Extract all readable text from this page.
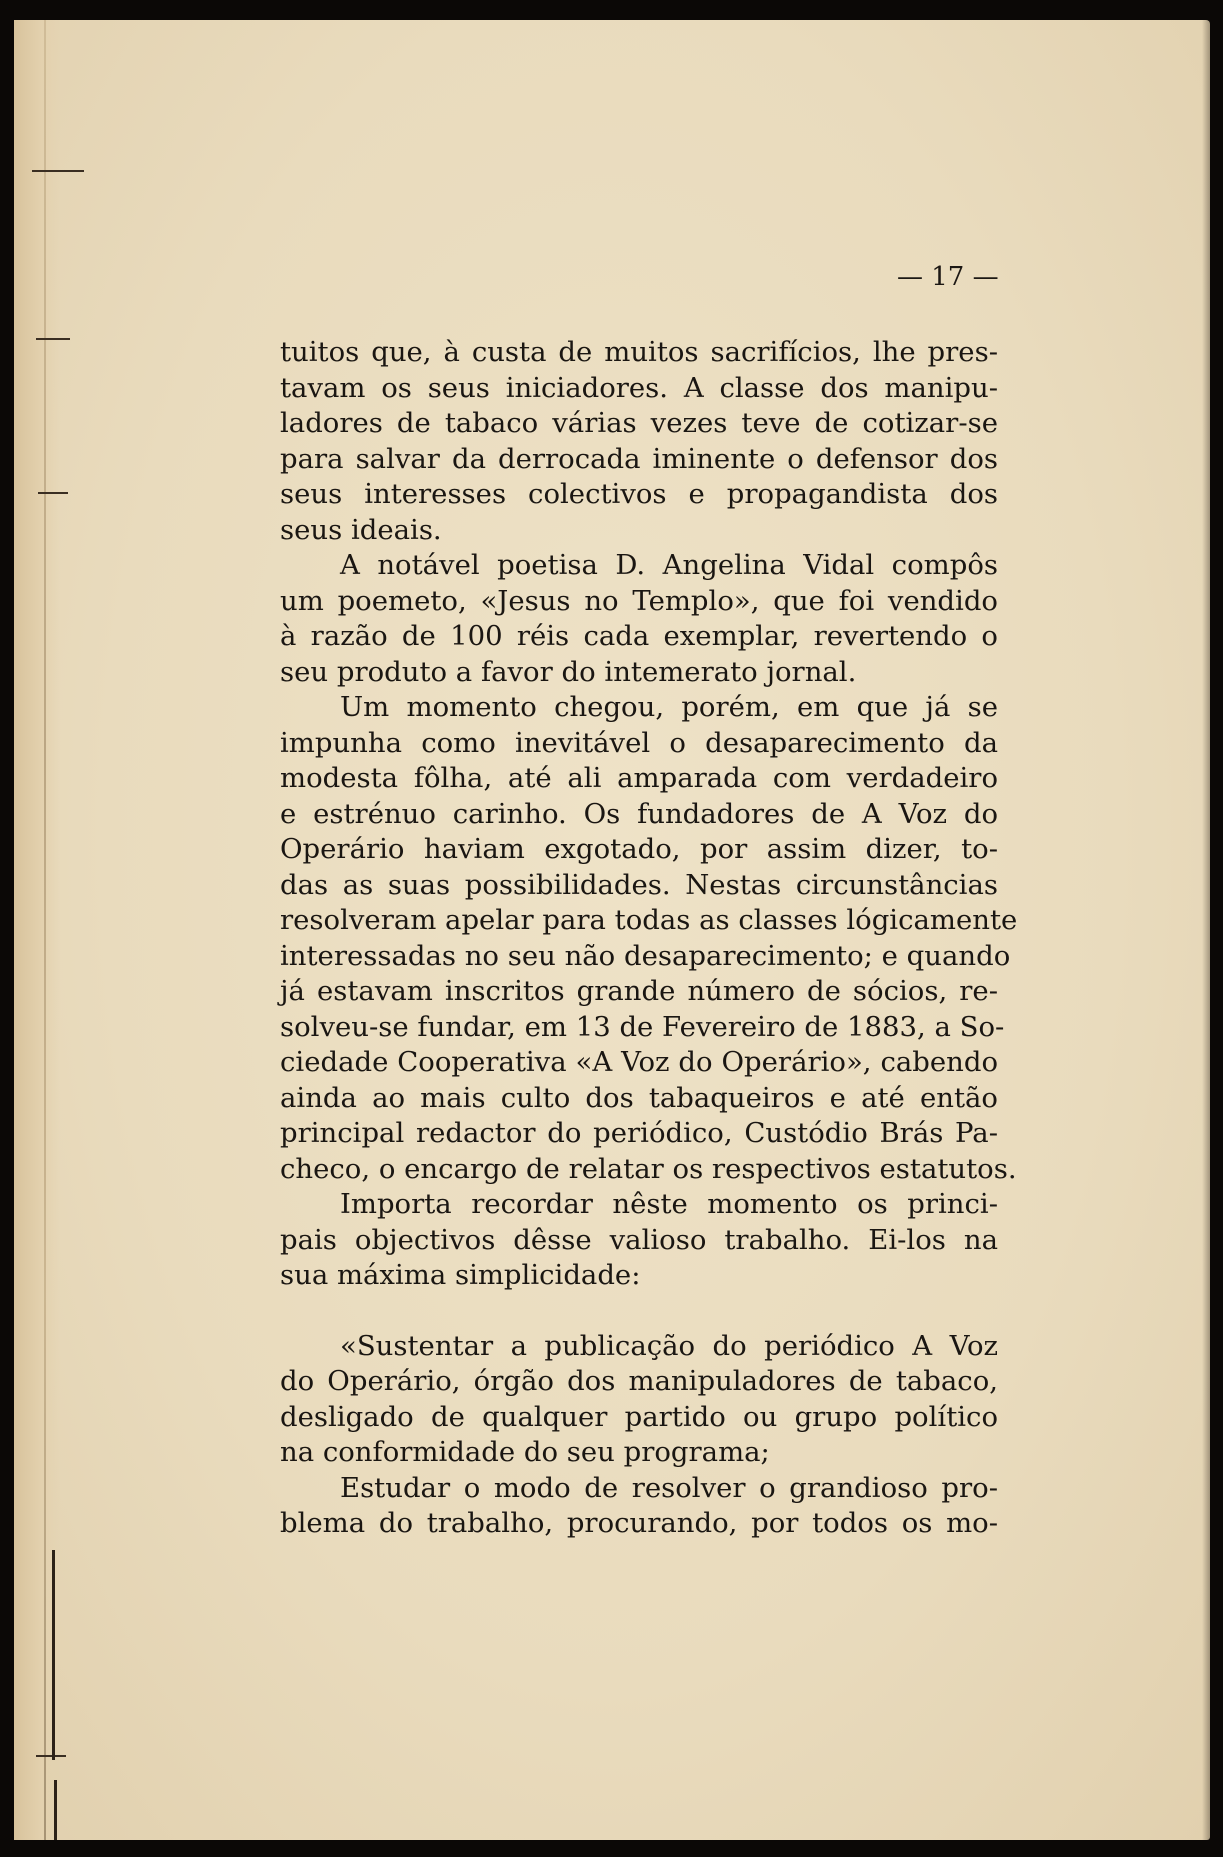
— 17 —
tuitos que, à custa de muitos sacrifícios, lhe pres-
tavam os seus iniciadores. A classe dos manipu-
ladores de tabaco várias vezes teve de cotizar-se
para salvar da derrocada iminente o defensor dos
seus interesses colectivos e propagandista dos
seus ideais.
A notável poetisa D. Angelina Vidal compôs
um poemeto, «Jesus no Templo», que foi vendido
à razão de 100 réis cada exemplar, revertendo o
seu produto a favor do intemerato jornal.
Um momento chegou, porém, em que já se
impunha como inevitável o desaparecimento da
modesta fôlha, até ali amparada com verdadeiro
e estrénuo carinho. Os fundadores de A Voz do
Operário haviam exgotado, por assim dizer, to-
das as suas possibilidades. Nestas circunstâncias
resolveram apelar para todas as classes lógicamente
interessadas no seu não desaparecimento; e quando
já estavam inscritos grande número de sócios, re-
solveu-se fundar, em 13 de Fevereiro de 1883, a So-
ciedade Cooperativa «A Voz do Operário», cabendo
ainda ao mais culto dos tabaqueiros e até então
principal redactor do periódico, Custódio Brás Pa-
checo, o encargo de relatar os respectivos estatutos.
Importa recordar nêste momento os princi-
pais objectivos dêsse valioso trabalho. Ei-los na
sua máxima simplicidade:
«Sustentar a publicação do periódico A Voz
do Operário, órgão dos manipuladores de tabaco,
desligado de qualquer partido ou grupo político
na conformidade do seu programa;
Estudar o modo de resolver o grandioso pro-
blema do trabalho, procurando, por todos os mo-
